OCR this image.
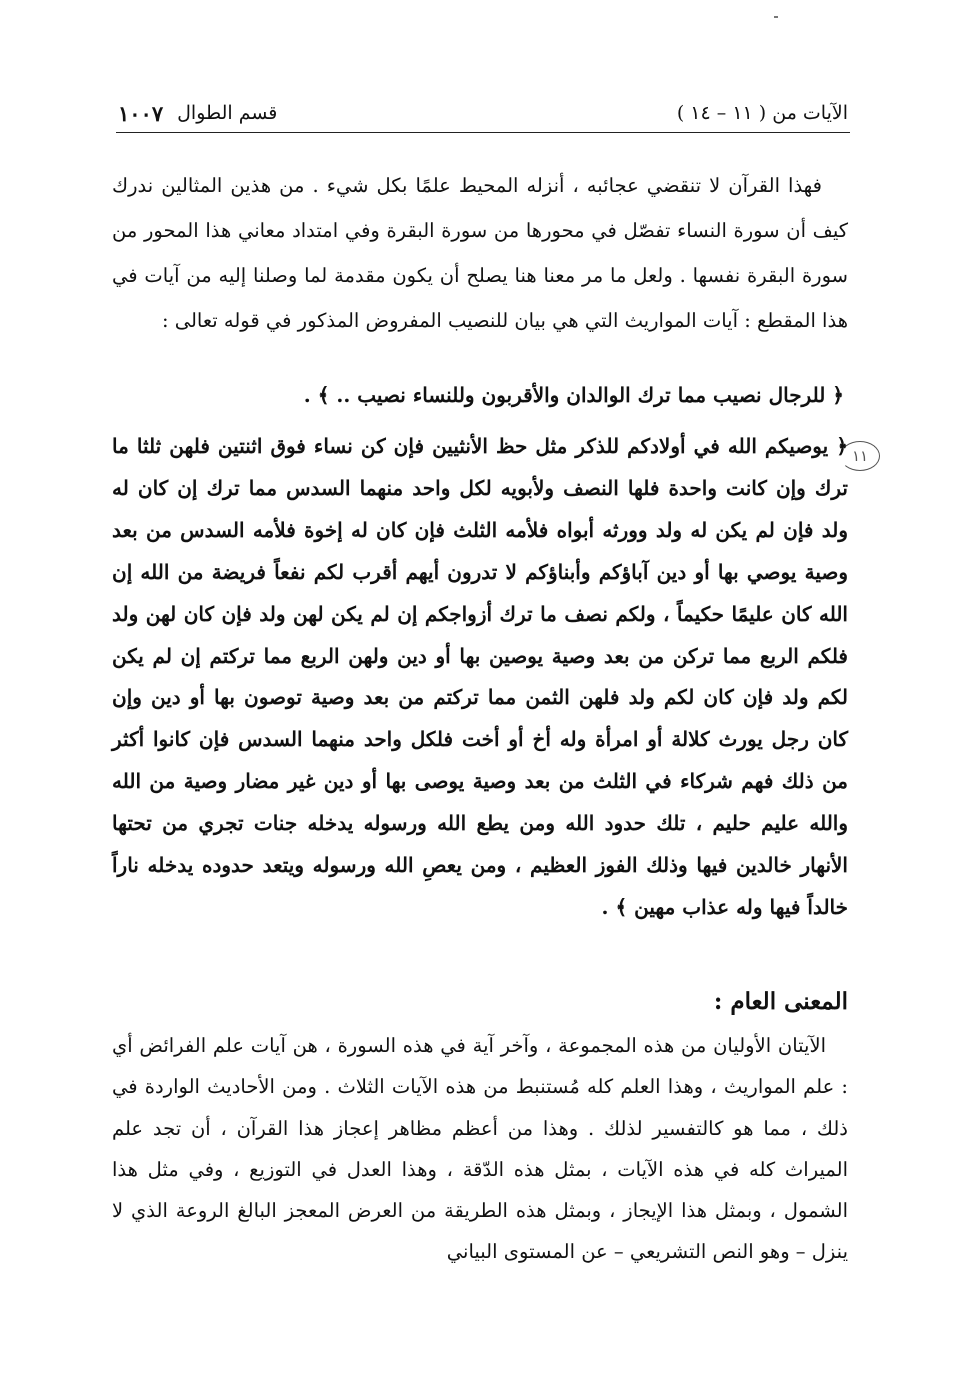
الآيات من ( ١١ – ١٤ )
قسم الطوال
١٠٠٧
فهذا القرآن لا تنقضي عجائبه ، أنزله المحيط علمًا بكل شيء . من هذين المثالين ندرك كيف أن سورة النساء تفصّل في محورها من سورة البقرة وفي امتداد معاني هذا المحور من سورة البقرة نفسها . ولعل ما مر معنا هنا يصلح أن يكون مقدمة لما وصلنا إليه من آيات في هذا المقطع : آيات المواريث التي هي بيان للنصيب المفروض المذكور في قوله تعالى :
﴿ للرجال نصيب مما ترك الوالدان والأقربون وللنساء نصيب .. ﴾ .
١١
﴿ يوصيكم الله في أولادكم للذكر مثل حظ الأنثيين فإن كن نساء فوق اثنتين فلهن ثلثا ما ترك وإن كانت واحدة فلها النصف ولأبويه لكل واحد منهما السدس مما ترك إن كان له ولد فإن لم يكن له ولد وورثه أبواه فلأمه الثلث فإن كان له إخوة فلأمه السدس من بعد وصية يوصي بها أو دين آباؤكم وأبناؤكم لا تدرون أيهم أقرب لكم نفعاً فريضة من الله إن الله كان عليمًا حكيماً ، ولكم نصف ما ترك أزواجكم إن لم يكن لهن ولد فإن كان لهن ولد فلكم الربع مما تركن من بعد وصية يوصين بها أو دين ولهن الربع مما تركتم إن لم يكن لكم ولد فإن كان لكم ولد فلهن الثمن مما تركتم من بعد وصية توصون بها أو دين وإن كان رجل يورث كلالة أو امرأة وله أخ أو أخت فلكل واحد منهما السدس فإن كانوا أكثر من ذلك فهم شركاء في الثلث من بعد وصية يوصى بها أو دين غير مضار وصية من الله والله عليم حليم ، تلك حدود الله ومن يطع الله ورسوله يدخله جنات تجري من تحتها الأنهار خالدين فيها وذلك الفوز العظيم ، ومن يعصِ الله ورسوله ويتعد حدوده يدخله ناراً خالداً فيها وله عذاب مهين ﴾ .
المعنى العام :
الآيتان الأوليان من هذه المجموعة ، وآخر آية في هذه السورة ، هن آيات علم الفرائض أي : علم المواريث ، وهذا العلم كله مُستنبط من هذه الآيات الثلاث . ومن الأحاديث الواردة في ذلك ، مما هو كالتفسير لذلك . وهذا من أعظم مظاهر إعجاز هذا القرآن ، أن تجد علم الميراث كله في هذه الآيات ، بمثل هذه الدّقة ، وهذا العدل في التوزيع ، وفي مثل هذا الشمول ، وبمثل هذا الإيجاز ، وبمثل هذه الطريقة من العرض المعجز البالغ الروعة الذي لا ينزل – وهو النص التشريعي – عن المستوى البياني
